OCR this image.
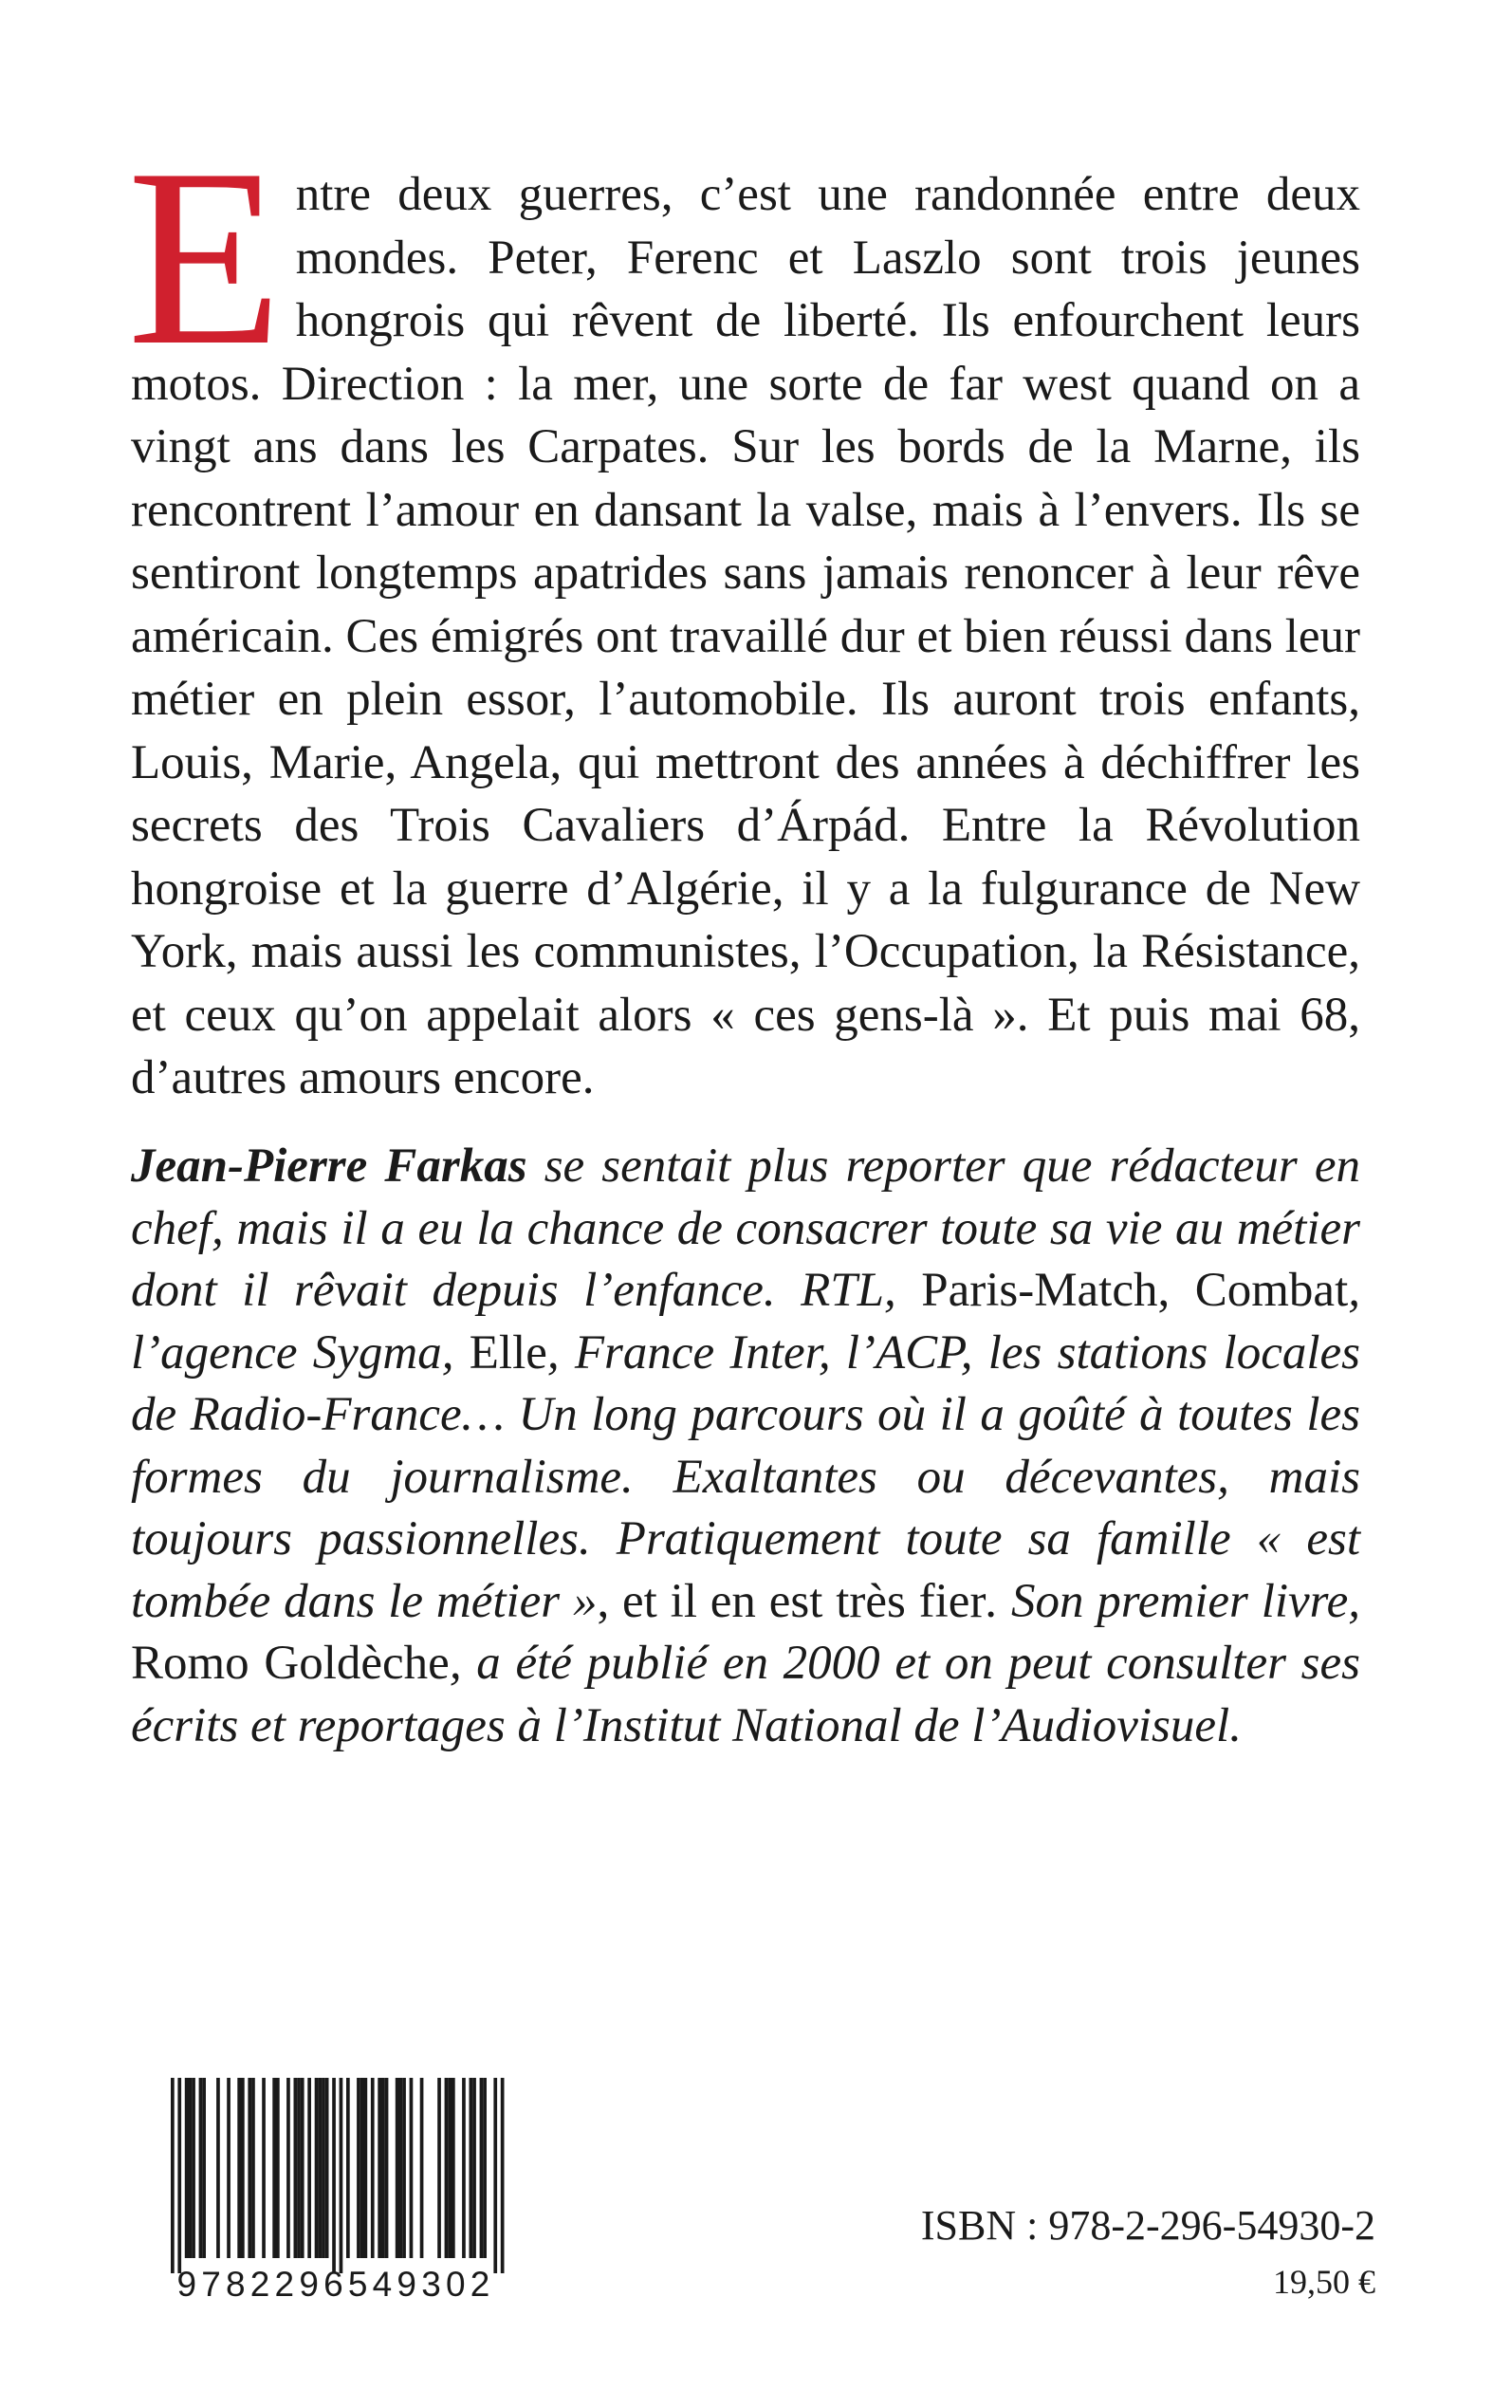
Entre deux guerres, c’est une randonnée entre deux mondes. Peter, Ferenc et Laszlo sont trois jeunes hongrois qui rêvent de liberté. Ils enfourchent leurs motos. Direction : la mer, une sorte de far west quand on a vingt ans dans les Carpates. Sur les bords de la Marne, ils rencontrent l’amour en dansant la valse, mais à l’envers. Ils se sentiront longtemps apatrides sans jamais renoncer à leur rêve américain. Ces émigrés ont travaillé dur et bien réussi dans leur métier en plein essor, l’automobile. Ils auront trois enfants, Louis, Marie, Angela, qui mettront des années à déchiffrer les secrets des Trois Cavaliers d’Árpád. Entre la Révolution hongroise et la guerre d’Algérie, il y a la fulgurance de New York, mais aussi les communistes, l’Occupation, la Résistance, et ceux qu’on appelait alors « ces gens-là ». Et puis mai 68, d’autres amours encore.

Jean-Pierre Farkas se sentait plus reporter que rédacteur en chef, mais il a eu la chance de consacrer toute sa vie au métier dont il rêvait depuis l’enfance. RTL, Paris-Match, Combat, l’agence Sygma, Elle, France Inter, l’ACP, les stations locales de Radio-France… Un long parcours où il a goûté à toutes les formes du journalisme. Exaltantes ou décevantes, mais toujours passionnelles. Pratiquement toute sa famille « est tombée dans le métier », et il en est très fier. Son premier livre, Romo Goldèche, a été publié en 2000 et on peut consulter ses écrits et reportages à l’Institut National de l’Audiovisuel.

9782296549302
ISBN : 978-2-296-54930-2
19,50 €
